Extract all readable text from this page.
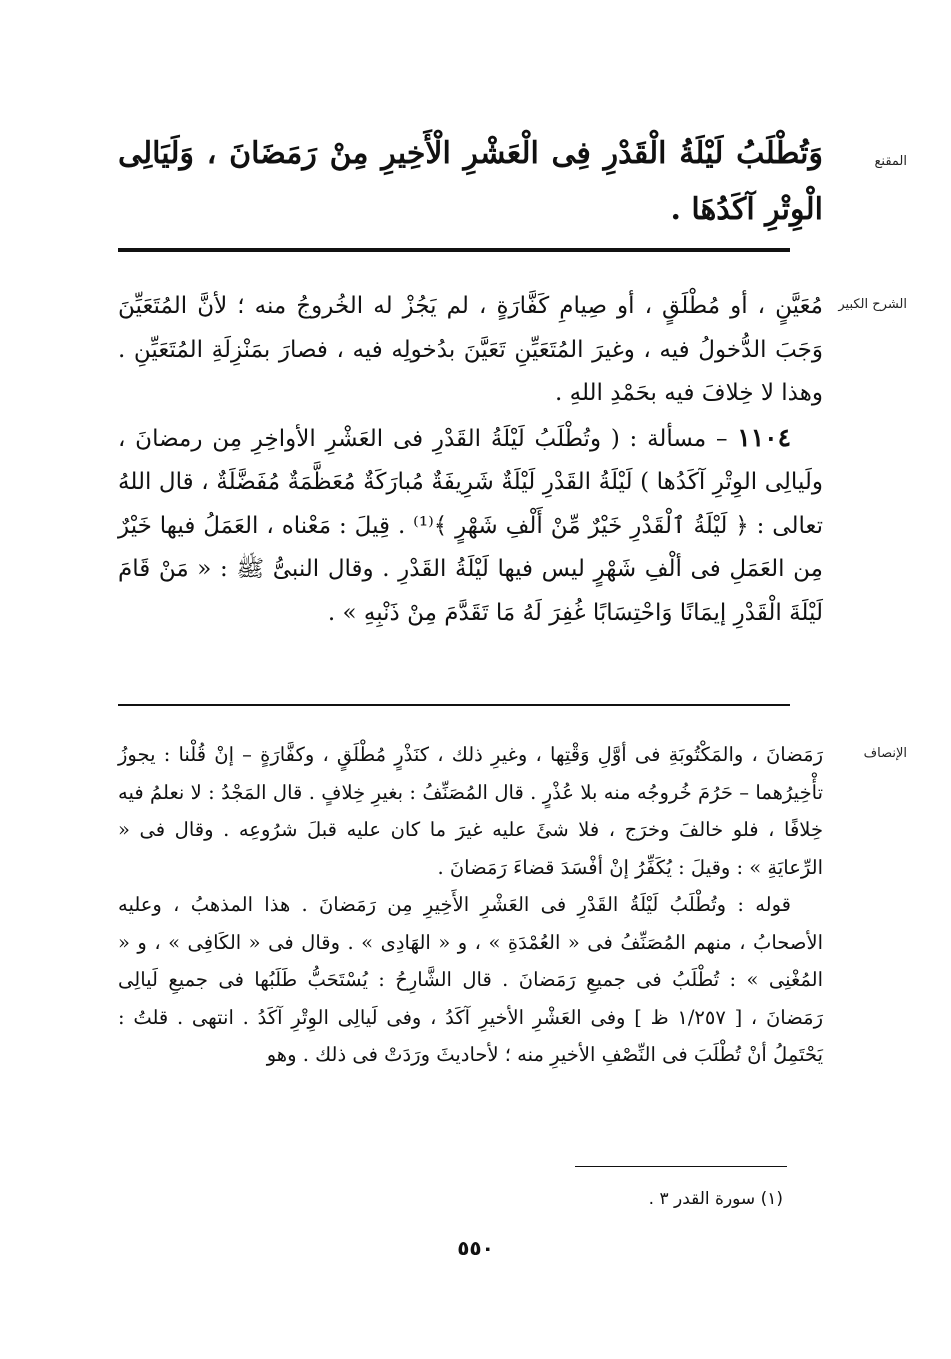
المقنع
وَتُطْلَبُ لَيْلَةُ الْقَدْرِ فِى الْعَشْرِ الْأَخِيرِ مِنْ رَمَضَانَ ، وَلَيَالِى الْوِتْرِ آكَدُهَا .
الشرح الكبير

مُعَيَّنٍ ، أو مُطْلَقٍ ، أو صِيامِ كَفَّارَةٍ ، لم يَجُزْ له الخُروجُ منه ؛ لأنَّ المُتَعَيِّنَ وَجَبَ الدُّخولُ فيه ، وغيرَ المُتَعَيِّنِ تَعَيَّنَ بدُخولِه فيه ، فصارَ بمَنْزِلَةِ المُتَعَيِّنِ . وهذا لا خِلافَ فيه بحَمْدِ اللهِ .

١١٠٤ – مسألة : ( وتُطْلَبُ لَيْلَةُ القَدْرِ فى العَشْرِ الأواخِرِ مِن رمضانَ ، ولَيالِى الوِتْرِ آكَدُها ) لَيْلَةُ القَدْرِ لَيْلَةٌ شَرِيفَةٌ مُبارَكَةٌ مُعَظَّمَةٌ مُفَضَّلَةٌ ، قال اللهُ تعالى : ﴿ لَيْلَةُ ٱلْقَدْرِ خَيْرٌ مِّنْ أَلْفِ شَهْرٍ ﴾⁽¹⁾ . قِيلَ : مَعْناه ، العَمَلُ فيها خَيْرٌ مِن العَمَلِ فى ألْفِ شَهْرٍ ليس فيها لَيْلَةُ القَدْرِ . وقال النبىُّ ﷺ : « مَنْ قَامَ لَيْلَةَ الْقَدْرِ إيمَانًا وَاحْتِسَابًا غُفِرَ لَهُ مَا تَقَدَّمَ مِنْ ذَنْبِهِ » .

الإنصاف

رَمَضانَ ، والمَكْتُوبَةِ فى أوَّلِ وَقْتِها ، وغيرِ ذلك ، كنَذْرٍ مُطْلَقٍ ، وكفَّارَةٍ – إنْ قُلْنا : يجوزُ تأْخِيرُهما – حَرُمَ خُروجُه منه بلا عُذْرٍ . قال المُصَنِّفُ : بغيرِ خِلافٍ . قال المَجْدُ : لا نعلمُ فيه خِلافًا ، فلو خالفَ وخرَج ، فلا شئَ عليه غيرَ ما كان عليه قبلَ شرُوعِه . وقال فى « الرِّعايَةِ » : وقيلَ : يُكَفِّرُ إنْ أفْسَدَ قضاءَ رَمَضانَ .

قوله : وتُطْلَبُ لَيْلَةُ القَدْرِ فى العَشْرِ الأَخِيرِ مِن رَمَضانَ . هذا المذهبُ ، وعليه الأصحابُ ، منهم المُصَنِّفُ فى « العُمْدَةِ » ، و « الهَادِى » . وقال فى « الكَافِى » ، و « المُغْنِى » : تُطْلَبُ فى جميعِ رَمَضانَ . قال الشَّارِحُ : يُسْتَحَبُّ طَلَبُها فى جميعِ لَيالِى رَمَضانَ ، [ ١/٢٥٧ ظ ] وفى العَشْرِ الأخيرِ آكَدُ ، وفى لَيالِى الوِتْرِ آكَدُ . انتهى . قلتُ : يَحْتَمِلُ أنْ تُطْلَبَ فى النِّصْفِ الأخيرِ منه ؛ لأحاديثَ ورَدَتْ فى ذلك . وهو

(١) سورة القدر ٣ .
٥٥٠
